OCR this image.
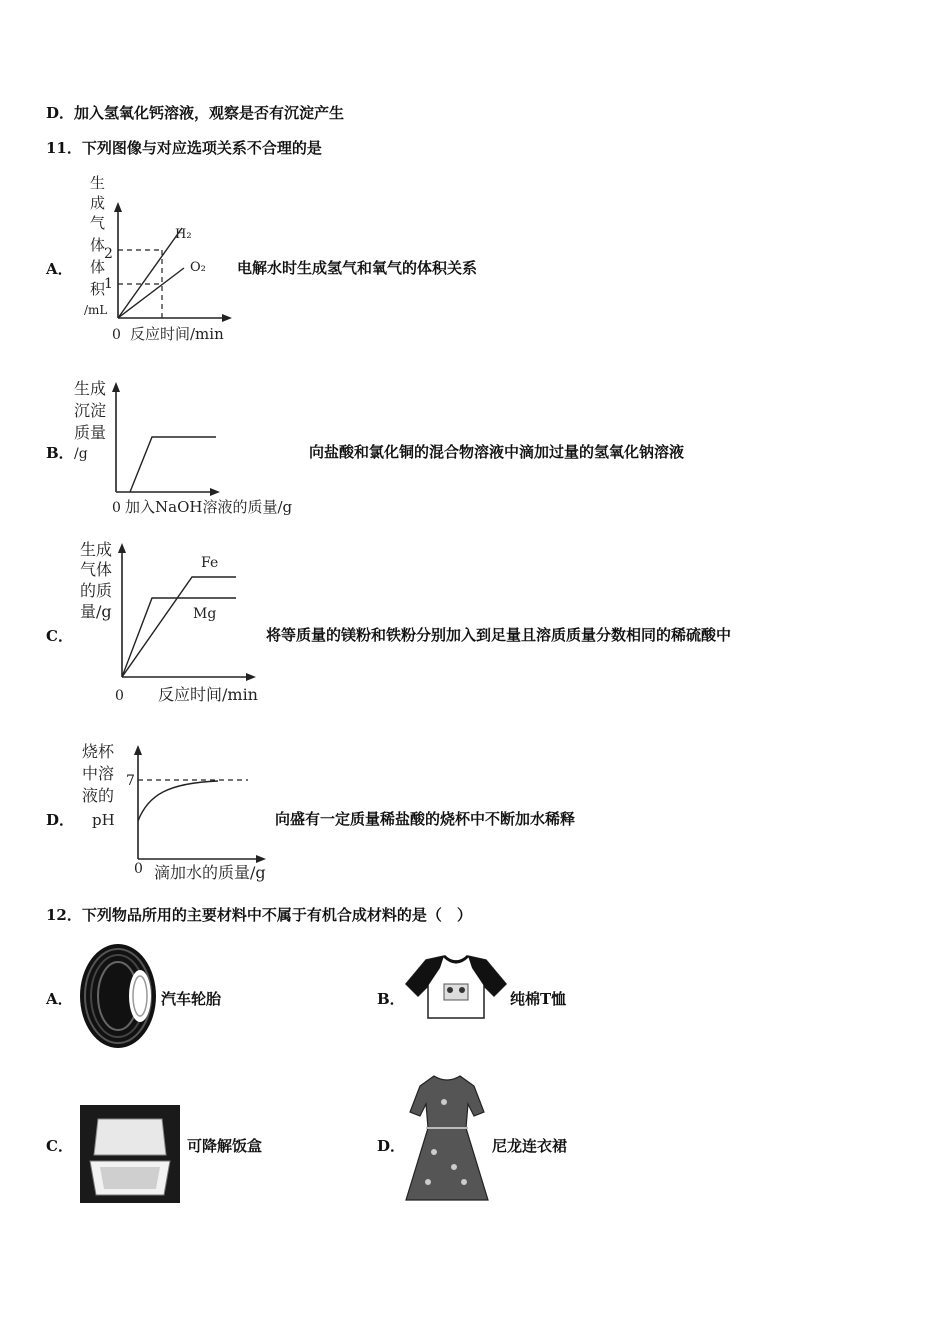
D．加入氢氧化钙溶液，观察是否有沉淀产生
11．下列图像与对应选项关系不合理的是
A．
生
成
气
体
体
积
/mL
2
1
H₂
O₂
0 反应时间/min
电解水时生成氢气和氧气的体积关系
B．
生成
沉淀
质量
/g
0 加入NaOH溶液的质量/g
向盐酸和氯化铜的混合物溶液中滴加过量的氢氧化钠溶液
C．
生成
气体
的质
量/g
Fe
Mg
0 反应时间/min
将等质量的镁粉和铁粉分别加入到足量且溶质质量分数相同的稀硫酸中
D．
烧杯
中溶
液的
pH
7
0 滴加水的质量/g
向盛有一定质量稀盐酸的烧杯中不断加水稀释
12．下列物品所用的主要材料中不属于有机合成材料的是（　）
A．	汽车轮胎	B．	纯棉T恤
C．	可降解饭盒	D．	尼龙连衣裙
